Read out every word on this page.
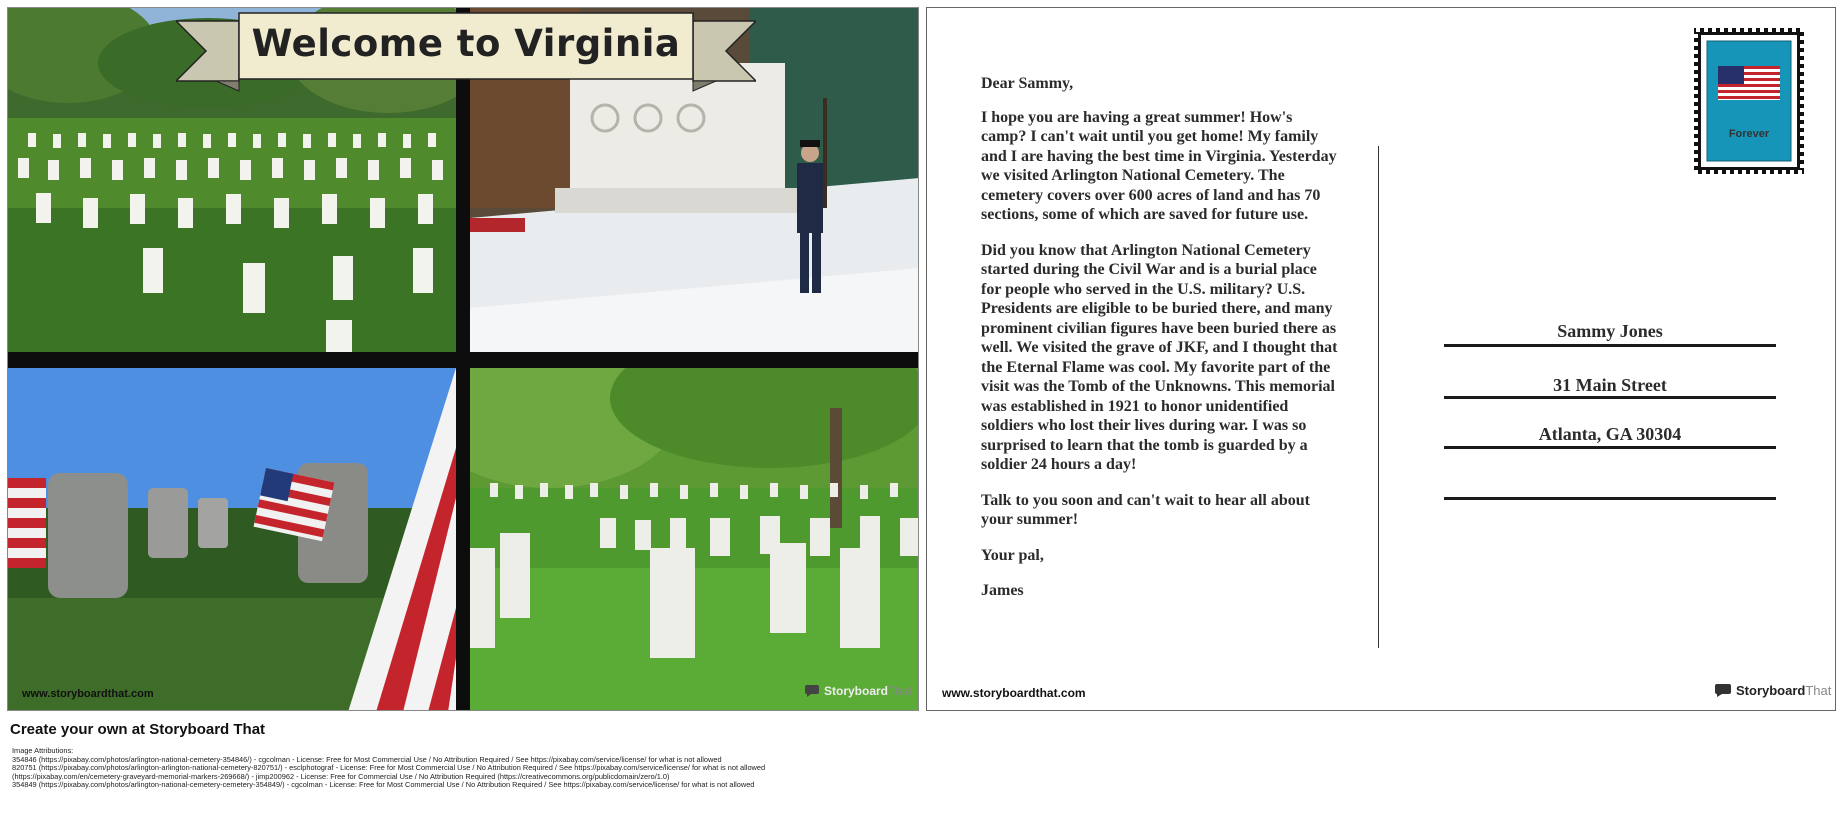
Welcome to Virginia
www.storyboardthat.com	StoryboardThat

Dear Sammy,

I hope you are having a great summer! How's camp? I can't wait until you get home! My family and I are having the best time in Virginia. Yesterday we visited Arlington National Cemetery. The cemetery covers over 600 acres of land and has 70 sections, some of which are saved for future use.

Did you know that Arlington National Cemetery started during the Civil War and is a burial place for people who served in the U.S. military? U.S. Presidents are eligible to be buried there, and many prominent civilian figures have been buried there as well. We visited the grave of JKF, and I thought that the Eternal Flame was cool. My favorite part of the visit was the Tomb of the Unknowns. This memorial was established in 1921 to honor unidentified soldiers who lost their lives during war. I was so surprised to learn that the tomb is guarded by a soldier 24 hours a day!

Talk to you soon and can't wait to hear all about your summer!

Your pal,

James

Forever
Sammy Jones
31 Main Street
Atlanta, GA 30304
www.storyboardthat.com	StoryboardThat
Create your own at Storyboard That
Image Attributions:
354846 (https://pixabay.com/photos/arlington-national-cemetery-354846/) - cgcolman - License: Free for Most Commercial Use / No Attribution Required / See https://pixabay.com/service/license/ for what is not allowed
820751 (https://pixabay.com/photos/arlington-arlington-national-cemetery-820751/) - esclphotograf - License: Free for Most Commercial Use / No Attribution Required / See https://pixabay.com/service/license/ for what is not allowed
(https://pixabay.com/en/cemetery-graveyard-memorial-markers-269668/) - jimp200962 - License: Free for Commercial Use / No Attribution Required (https://creativecommons.org/publicdomain/zero/1.0)
354849 (https://pixabay.com/photos/arlington-national-cemetery-cemetery-354849/) - cgcolman - License: Free for Most Commercial Use / No Attribution Required / See https://pixabay.com/service/license/ for what is not allowed
